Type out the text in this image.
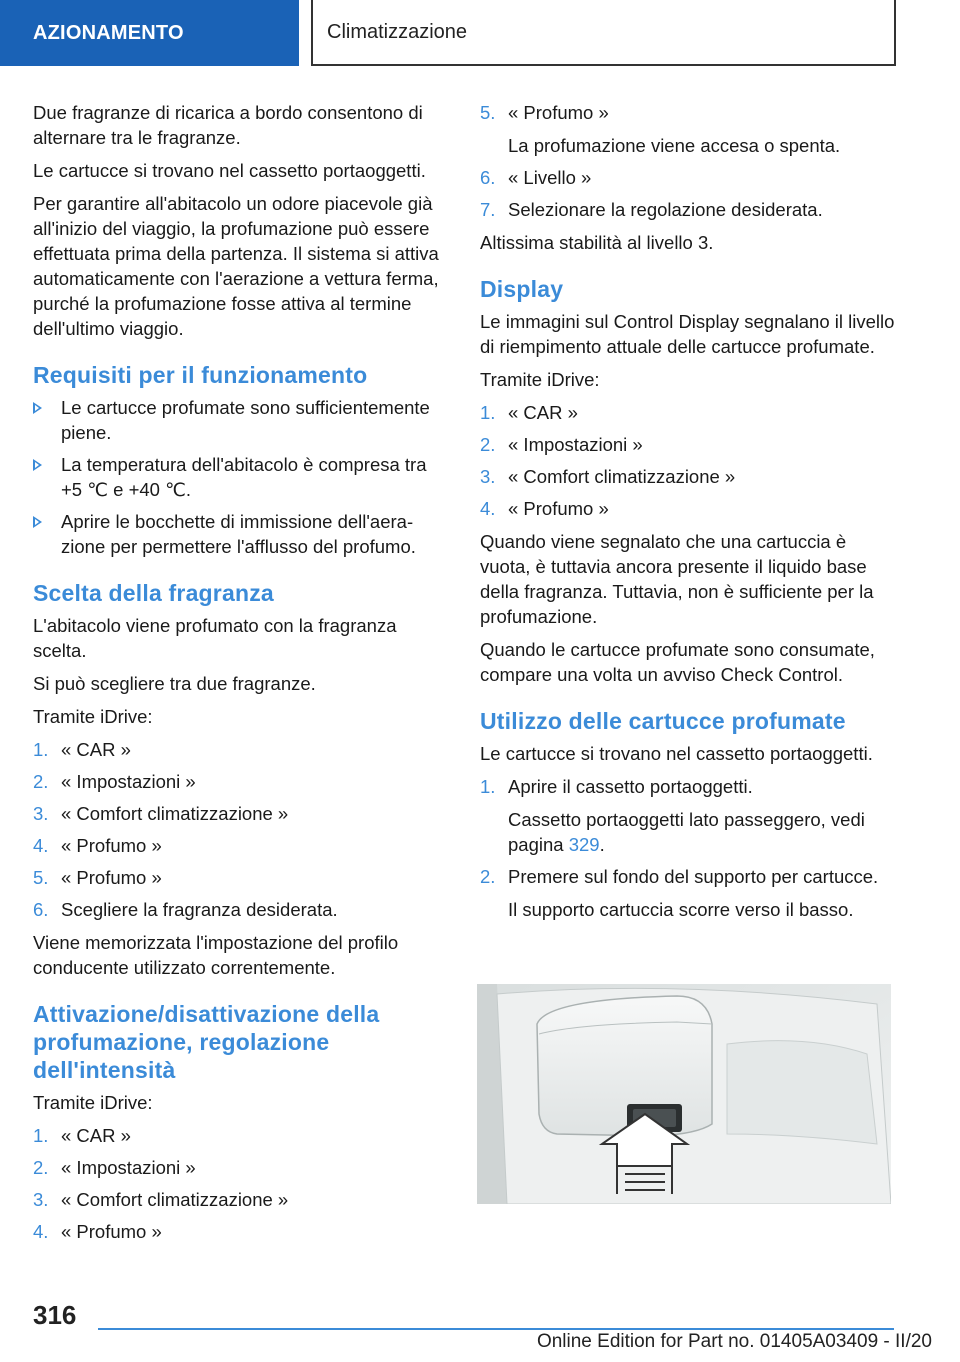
AZIONAMENTO	Climatizzazione

Due fragranze di ricarica a bordo consentono di alternare tra le fragranze.

Le cartucce si trovano nel cassetto portaoggetti.

Per garantire all'abitacolo un odore piacevole già all'inizio del viaggio, la profumazione può essere effettuata prima della partenza. Il sistema si attiva automaticamente con l'aerazione a vettura ferma, purché la profumazione fosse attiva al termine dell'ultimo viaggio.

Requisiti per il funzionamento
Le cartucce profumate sono sufficientemente piene.
La temperatura dell'abitacolo è compresa tra +5 ℃ e +40 ℃.
Aprire le bocchette di immissione dell'aerazione per permettere l'afflusso del profumo.
Scelta della fragranza

L'abitacolo viene profumato con la fragranza scelta.

Si può scegliere tra due fragranze.

Tramite iDrive:

1. « CAR »
2. « Impostazioni »
3. « Comfort climatizzazione »
4. « Profumo »
5. « Profumo »
6. Scegliere la fragranza desiderata.

Viene memorizzata l'impostazione del profilo conducente utilizzato correntemente.

Attivazione/disattivazione della profumazione, regolazione dell'intensità

Tramite iDrive:

1. « CAR »
2. « Impostazioni »
3. « Comfort climatizzazione »
4. « Profumo »
5. « Profumo »
La profumazione viene accesa o spenta.
6. « Livello »
7. Selezionare la regolazione desiderata.

Altissima stabilità al livello 3.

Display

Le immagini sul Control Display segnalano il livello di riempimento attuale delle cartucce profumate.

Tramite iDrive:

1. « CAR »
2. « Impostazioni »
3. « Comfort climatizzazione »
4. « Profumo »

Quando viene segnalato che una cartuccia è vuota, è tuttavia ancora presente il liquido base della fragranza. Tuttavia, non è sufficiente per la profumazione.

Quando le cartucce profumate sono consumate, compare una volta un avviso Check Control.

Utilizzo delle cartucce profumate

Le cartucce si trovano nel cassetto portaoggetti.

1. Aprire il cassetto portaoggetti.
Cassetto portaoggetti lato passeggero, vedi pagina 329.
2. Premere sul fondo del supporto per cartucce.
Il supporto cartuccia scorre verso il basso.
316
Online Edition for Part no. 01405A03409 - II/20
